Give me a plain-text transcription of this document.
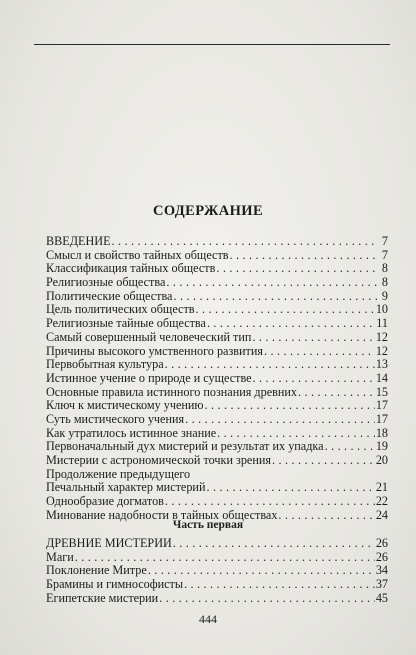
СОДЕРЖАНИЕ
ВВЕДЕНИЕ . . .	7
Смысл и свойство тайных обществ . . .	7
Классификация тайных обществ . . .	8
Религиозные общества . . .	8
Политические общества . . .	9
Цель политических обществ . . .	10
Религиозные тайные общества . . .	11
Самый совершенный человеческий тип . . .	12
Причины высокого умственного развития . . .	12
Первобытная культура . . .	13
Истинное учение о природе и существе . . .	14
Основные правила истинного познания древних . . .	15
Ключ к мистическому учению . . .	17
Суть мистического учения . . .	17
Как утратилось истинное знание . . .	18
Первоначальный дух мистерий и результат их упадка . . .	19
Мистерии с астрономической точки зрения . . .	20
Продолжение предыдущего
Печальный характер мистерий . . .	21
Однообразие догматов . . .	22
Минование надобности в тайных обществах . . .	24
Часть первая
ДРЕВНИЕ МИСТЕРИИ . . .	26
Маги . . .	26
Поклонение Митре . . .	34
Брамины и гимнософисты . . .	37
Египетские мистерии . . .	45
444
